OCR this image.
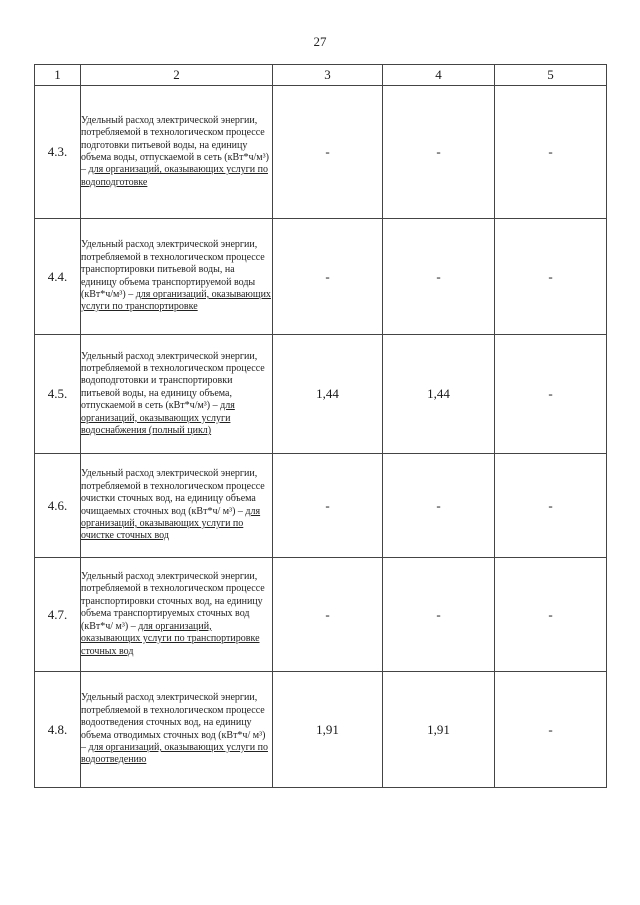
27
1	2	3	4	5
4.3.	Удельный расход электрической энергии, потребляемой в технологическом процессе подготовки питьевой воды, на единицу объема воды, отпускаемой в сеть (кВт*ч/м³) – для организаций, оказывающих услуги по водоподготовке	-	-	-
4.4.	Удельный расход электрической энергии, потребляемой в технологическом процессе транспортировки питьевой воды, на единицу объема транспортируемой воды (кВт*ч/м³) – для организаций, оказывающих услуги по транспортировке	-	-	-
4.5.	Удельный расход электрической энергии, потребляемой в технологическом процессе водоподготовки и транспортировки питьевой воды, на единицу объема, отпускаемой в сеть (кВт*ч/м³) – для организаций, оказывающих услуги водоснабжения (полный цикл)	1,44	1,44	-
4.6.	Удельный расход электрической энергии, потребляемой в технологическом процессе очистки сточных вод, на единицу объема очищаемых сточных вод (кВт*ч/ м³) – для организаций, оказывающих услуги по очистке сточных вод	-	-	-
4.7.	Удельный расход электрической энергии, потребляемой в технологическом процессе транспортировки сточных вод, на единицу объема транспортируемых сточных вод (кВт*ч/ м³) – для организаций, оказывающих услуги по транспортировке сточных вод	-	-	-
4.8.	Удельный расход электрической энергии, потребляемой в технологическом процессе водоотведения сточных вод, на единицу объема отводимых сточных вод (кВт*ч/ м³) – для организаций, оказывающих услуги по водоотведению	1,91	1,91	-
